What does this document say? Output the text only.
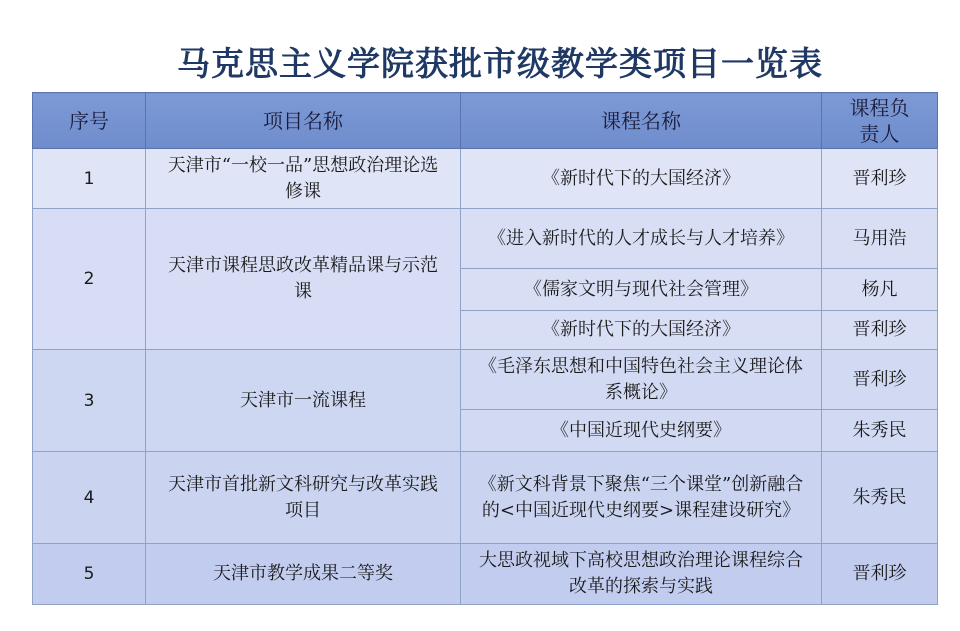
马克思主义学院获批市级教学类项目一览表
序号	项目名称	课程名称	课程负责人
1	天津市“一校一品”思想政治理论选修课	《新时代下的大国经济》	晋利珍
2	天津市课程思政改革精品课与示范课	《进入新时代的人才成长与人才培养》	马用浩
		《儒家文明与现代社会管理》	杨凡
		《新时代下的大国经济》	晋利珍
3	天津市一流课程	《毛泽东思想和中国特色社会主义理论体系概论》	晋利珍
		《中国近现代史纲要》	朱秀民
4	天津市首批新文科研究与改革实践项目	《新文科背景下聚焦“三个课堂”创新融合的<中国近现代史纲要>课程建设研究》	朱秀民
5	天津市教学成果二等奖	大思政视域下高校思想政治理论课程综合改革的探索与实践	晋利珍
